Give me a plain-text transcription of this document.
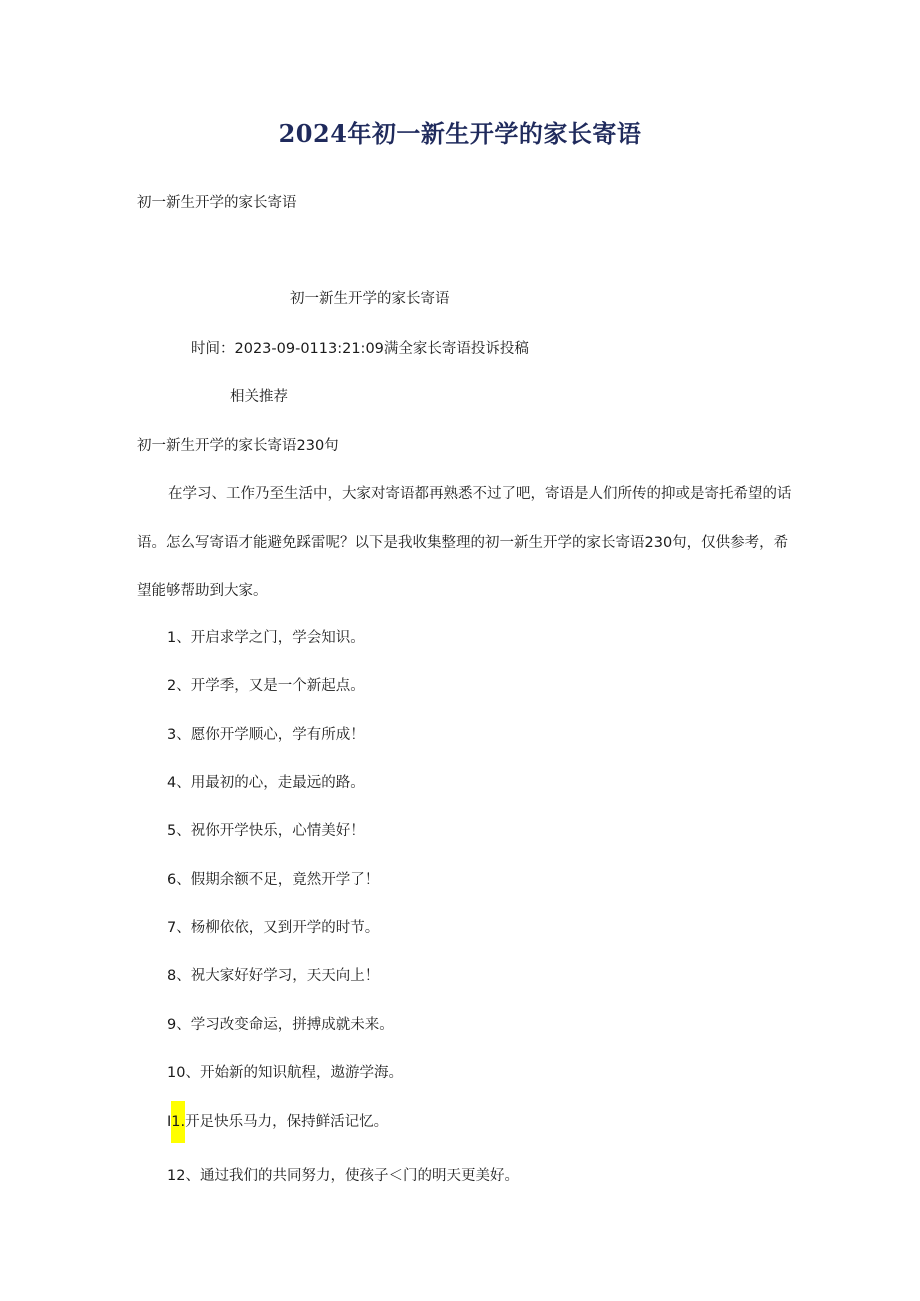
2024年初一新生开学的家长寄语
初一新生开学的家长寄语
初一新生开学的家长寄语
时间：2023-09-0113:21:09满全家长寄语投诉投稿
相关推荐
初一新生开学的家长寄语230句
在学习、工作乃至生活中，大家对寄语都再熟悉不过了吧，寄语是人们所传的抑或是寄托希望的话语。怎么写寄语才能避免踩雷呢？以下是我收集整理的初一新生开学的家长寄语230句，仅供参考，希望能够帮助到大家。
1、开启求学之门，学会知识。
2、开学季，又是一个新起点。
3、愿你开学顺心，学有所成！
4、用最初的心，走最远的路。
5、祝你开学快乐，心情美好！
6、假期余额不足，竟然开学了！
7、杨柳依依，又到开学的时节。
8、祝大家好好学习，天天向上！
9、学习改变命运，拼搏成就未来。
10、开始新的知识航程，遨游学海。
I1.开足快乐马力，保持鲜活记忆。
12、通过我们的共同努力，使孩子＜门的明天更美好。
